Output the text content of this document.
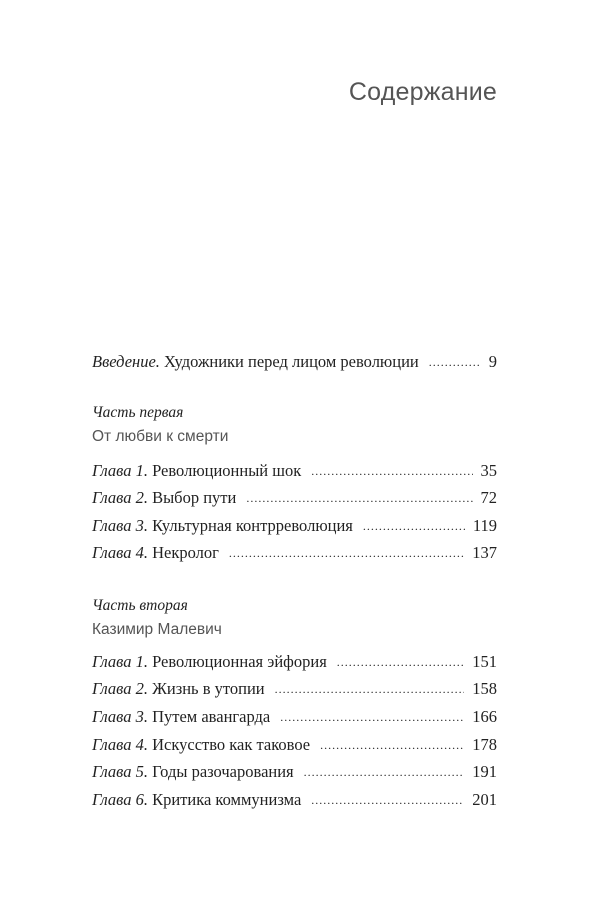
Содержание
Введение. Художники перед лицом революции .....	9
Часть первая
От любви к смерти
Глава 1. Революционный шок .....	35
Глава 2. Выбор пути .....	72
Глава 3. Культурная контрреволюция .....	119
Глава 4. Некролог .....	137
Часть вторая
Казимир Малевич
Глава 1. Революционная эйфория .....	151
Глава 2. Жизнь в утопии .....	158
Глава 3. Путем авангарда .....	166
Глава 4. Искусство как таковое .....	178
Глава 5. Годы разочарования .....	191
Глава 6. Критика коммунизма .....	201
